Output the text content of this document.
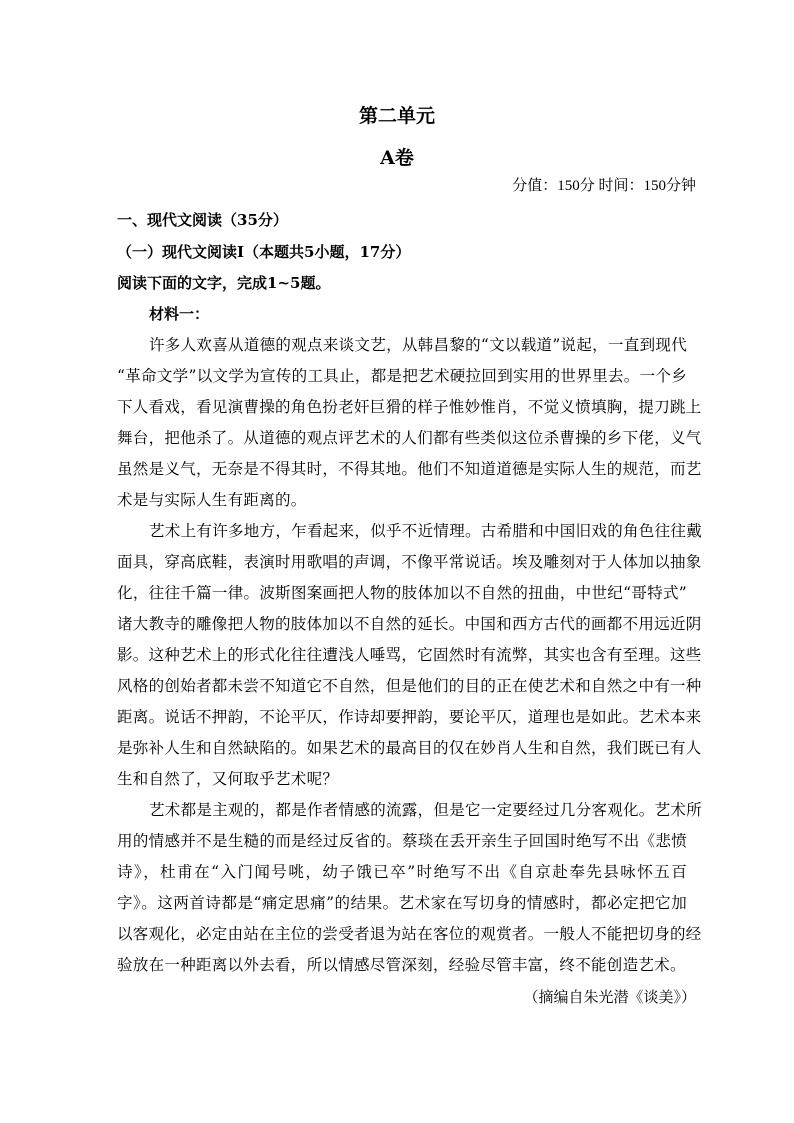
第二单元
A卷
分值：150分 时间：150分钟
一、现代文阅读（35分）
（一）现代文阅读Ⅰ（本题共5小题，17分）
阅读下面的文字，完成1~5题。
材料一：
许多人欢喜从道德的观点来谈文艺，从韩昌黎的“文以载道”说起，一直到现代
“革命文学”以文学为宣传的工具止，都是把艺术硬拉回到实用的世界里去。一个乡
下人看戏，看见演曹操的角色扮老奸巨猾的样子惟妙惟肖，不觉义愤填胸，提刀跳上
舞台，把他杀了。从道德的观点评艺术的人们都有些类似这位杀曹操的乡下佬，义气
虽然是义气，无奈是不得其时，不得其地。他们不知道道德是实际人生的规范，而艺
术是与实际人生有距离的。
艺术上有许多地方，乍看起来，似乎不近情理。古希腊和中国旧戏的角色往往戴
面具，穿高底鞋，表演时用歌唱的声调，不像平常说话。埃及雕刻对于人体加以抽象
化，往往千篇一律。波斯图案画把人物的肢体加以不自然的扭曲，中世纪“哥特式”
诸大教寺的雕像把人物的肢体加以不自然的延长。中国和西方古代的画都不用远近阴
影。这种艺术上的形式化往往遭浅人唾骂，它固然时有流弊，其实也含有至理。这些
风格的创始者都未尝不知道它不自然，但是他们的目的正在使艺术和自然之中有一种
距离。说话不押韵，不论平仄，作诗却要押韵，要论平仄，道理也是如此。艺术本来
是弥补人生和自然缺陷的。如果艺术的最高目的仅在妙肖人生和自然，我们既已有人
生和自然了，又何取乎艺术呢？
艺术都是主观的，都是作者情感的流露，但是它一定要经过几分客观化。艺术所
用的情感并不是生糙的而是经过反省的。蔡琰在丢开亲生子回国时绝写不出《悲愤
诗》，杜甫在“入门闻号咷，幼子饿已卒”时绝写不出《自京赴奉先县咏怀五百
字》。这两首诗都是“痛定思痛”的结果。艺术家在写切身的情感时，都必定把它加
以客观化，必定由站在主位的尝受者退为站在客位的观赏者。一般人不能把切身的经
验放在一种距离以外去看，所以情感尽管深刻，经验尽管丰富，终不能创造艺术。
（摘编自朱光潜《谈美》）
